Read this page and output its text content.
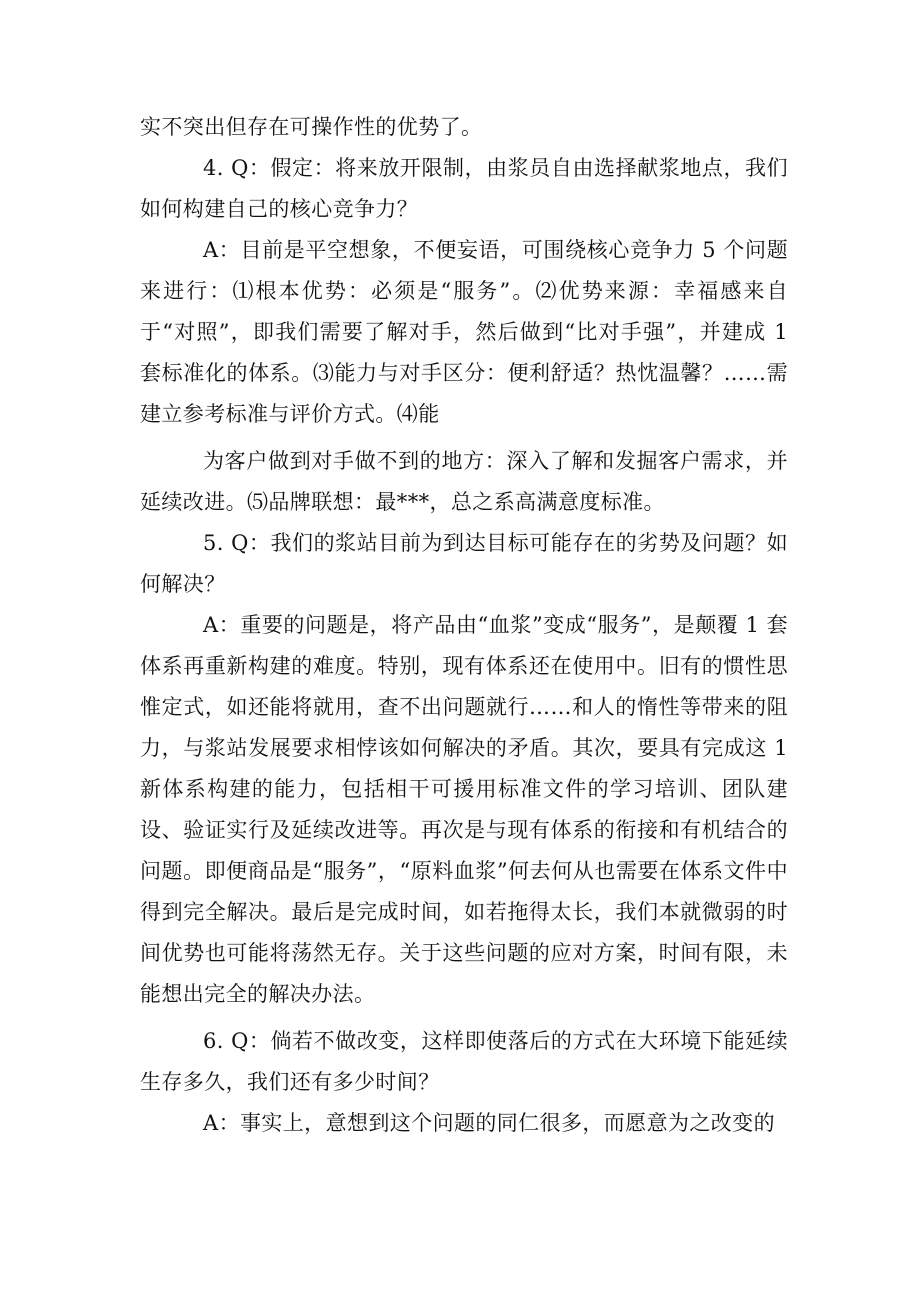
实不突出但存在可操作性的优势了。

4. Q：假定：将来放开限制，由浆员自由选择献浆地点，我们如何构建自己的核心竞争力？

A：目前是平空想象，不便妄语，可围绕核心竞争力 5 个问题来进行：⑴根本优势：必须是“服务”。⑵优势来源：幸福感来自于“对照”，即我们需要了解对手，然后做到“比对手强”，并建成 1 套标准化的体系。⑶能力与对手区分：便利舒适？热忱温馨？……需建立参考标准与评价方式。⑷能

为客户做到对手做不到的地方：深入了解和发掘客户需求，并延续改进。⑸品牌联想：最***，总之系高满意度标准。

5. Q：我们的浆站目前为到达目标可能存在的劣势及问题？如何解决？

A：重要的问题是，将产品由“血浆”变成“服务”，是颠覆 1 套体系再重新构建的难度。特别，现有体系还在使用中。旧有的惯性思惟定式，如还能将就用，查不出问题就行……和人的惰性等带来的阻力，与浆站发展要求相悖该如何解决的矛盾。其次，要具有完成这 1 新体系构建的能力，包括相干可援用标准文件的学习培训、团队建设、验证实行及延续改进等。再次是与现有体系的衔接和有机结合的问题。即便商品是“服务”，“原料血浆”何去何从也需要在体系文件中得到完全解决。最后是完成时间，如若拖得太长，我们本就微弱的时间优势也可能将荡然无存。关于这些问题的应对方案，时间有限，未能想出完全的解决办法。

6. Q：倘若不做改变，这样即使落后的方式在大环境下能延续生存多久，我们还有多少时间？

A：事实上，意想到这个问题的同仁很多，而愿意为之改变的
